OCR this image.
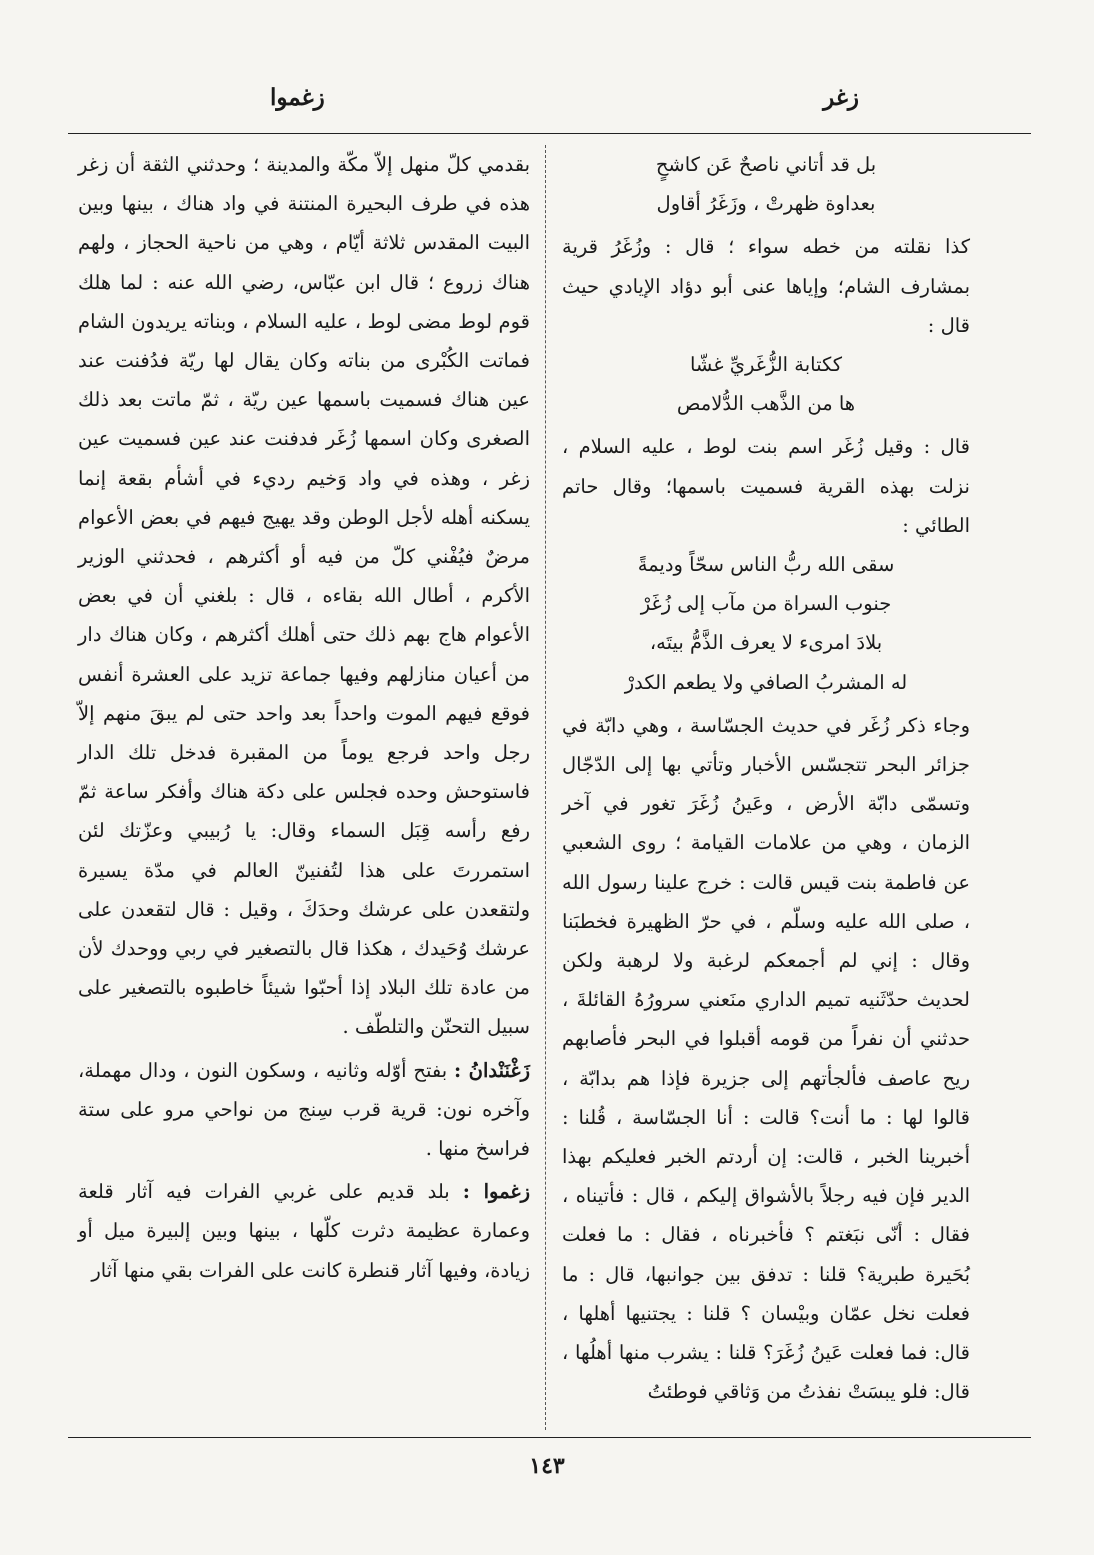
زغر
زغموا

بل قد أتاني ناصحٌ عَن كاشحٍ

بعداوة ظهرتْ ، وزَغَرُ أقاول

كذا نقلته من خطه سواء ؛ قال : وزُغَرُ قرية بمشارف الشام؛ وإياها عنى أبو دؤاد الإيادي حيث قال :

ككتابة الزُّغَريِّ غشّا

ها من الذَّهب الدُّلامص

قال : وقيل زُغَر اسم بنت لوط ، عليه السلام ، نزلت بهذه القرية فسميت باسمها؛ وقال حاتم الطائي :

سقى الله ربُّ الناس سحّاً وديمةً

جنوب السراة من مآب إلى زُغَرْ

بلادَ امرىء لا يعرف الذَّمُّ بيتَه،

له المشربُ الصافي ولا يطعم الكدرْ

وجاء ذكر زُغَر في حديث الجسّاسة ، وهي دابّة في جزائر البحر تتجسّس الأخبار وتأتي بها إلى الدّجّال وتسمّى دابّة الأرض ، وعَينُ زُغَرَ تغور في آخر الزمان ، وهي من علامات القيامة ؛ روى الشعبي عن فاطمة بنت قيس قالت : خرج علينا رسول الله ، صلى الله عليه وسلّم ، في حرّ الظهيرة فخطبَنا وقال : إني لم أجمعكم لرغبة ولا لرهبة ولكن لحديث حدّثَنيه تميم الداري منَعني سرورُهُ القائلةَ ، حدثني أن نفراً من قومه أقبلوا في البحر فأصابهم ريح عاصف فألجأتهم إلى جزيرة فإذا هم بدابّة ، قالوا لها : ما أنت؟ قالت : أنا الجسّاسة ، قُلنا : أخبرينا الخبر ، قالت: إن أردتم الخبر فعليكم بهذا الدير فإن فيه رجلاً بالأشواق إليكم ، قال : فأتيناه ، فقال : أنّى نبَغتم ؟ فأخبرناه ، فقال : ما فعلت بُحَيرة طبرية؟ قلنا : تدفق بين جوانبها، قال : ما فعلت نخل عمّان وبيْسان ؟ قلنا : يجتنيها أهلها ، قال: فما فعلت عَينُ زُغَرَ؟ قلنا : يشرب منها أهلُها ، قال: فلو يبسَتْ نفذتُ من وَثاقي فوطئتُ

بقدمي كلّ منهل إلاّ مكّة والمدينة ؛ وحدثني الثقة أن زغر هذه في طرف البحيرة المنتنة في واد هناك ، بينها وبين البيت المقدس ثلاثة أيّام ، وهي من ناحية الحجاز ، ولهم هناك زروع ؛ قال ابن عبّاس، رضي الله عنه : لما هلك قوم لوط مضى لوط ، عليه السلام ، وبناته يريدون الشام فماتت الكُبْرى من بناته وكان يقال لها ريّة فدُفنت عند عين هناك فسميت باسمها عين ريّة ، ثمّ ماتت بعد ذلك الصغرى وكان اسمها زُغَر فدفنت عند عين فسميت عين زغر ، وهذه في واد وَخيم رديء في أشأم بقعة إنما يسكنه أهله لأجل الوطن وقد يهيج فيهم في بعض الأعوام مرضٌ فيُفْني كلّ من فيه أو أكثرهم ، فحدثني الوزير الأكرم ، أطال الله بقاءه ، قال : بلغني أن في بعض الأعوام هاج بهم ذلك حتى أهلك أكثرهم ، وكان هناك دار من أعيان منازلهم وفيها جماعة تزيد على العشرة أنفس فوقع فيهم الموت واحداً بعد واحد حتى لم يبقَ منهم إلاّ رجل واحد فرجع يوماً من المقبرة فدخل تلك الدار فاستوحش وحده فجلس على دكة هناك وأفكر ساعة ثمّ رفع رأسه قِبَل السماء وقال: يا رُبيبي وعزّتك لئن استمررتَ على هذا لتُفنينّ العالم في مدّة يسيرة ولتقعدن على عرشك وحدَكَ ، وقيل : قال لتقعدن على عرشك وُحَيدك ، هكذا قال بالتصغير في ربي ووحدك لأن من عادة تلك البلاد إذا أحبّوا شيئاً خاطبوه بالتصغير على سبيل التحنّن والتلطّف .

زَغْنَنْدانُ : بفتح أوّله وثانيه ، وسكون النون ، ودال مهملة، وآخره نون: قرية قرب سِنج من نواحي مرو على ستة فراسخ منها .

زغموا : بلد قديم على غربي الفرات فيه آثار قلعة وعمارة عظيمة دثرت كلّها ، بينها وبين إلبيرة ميل أو زيادة، وفيها آثار قنطرة كانت على الفرات بقي منها آثار

١٤٣
